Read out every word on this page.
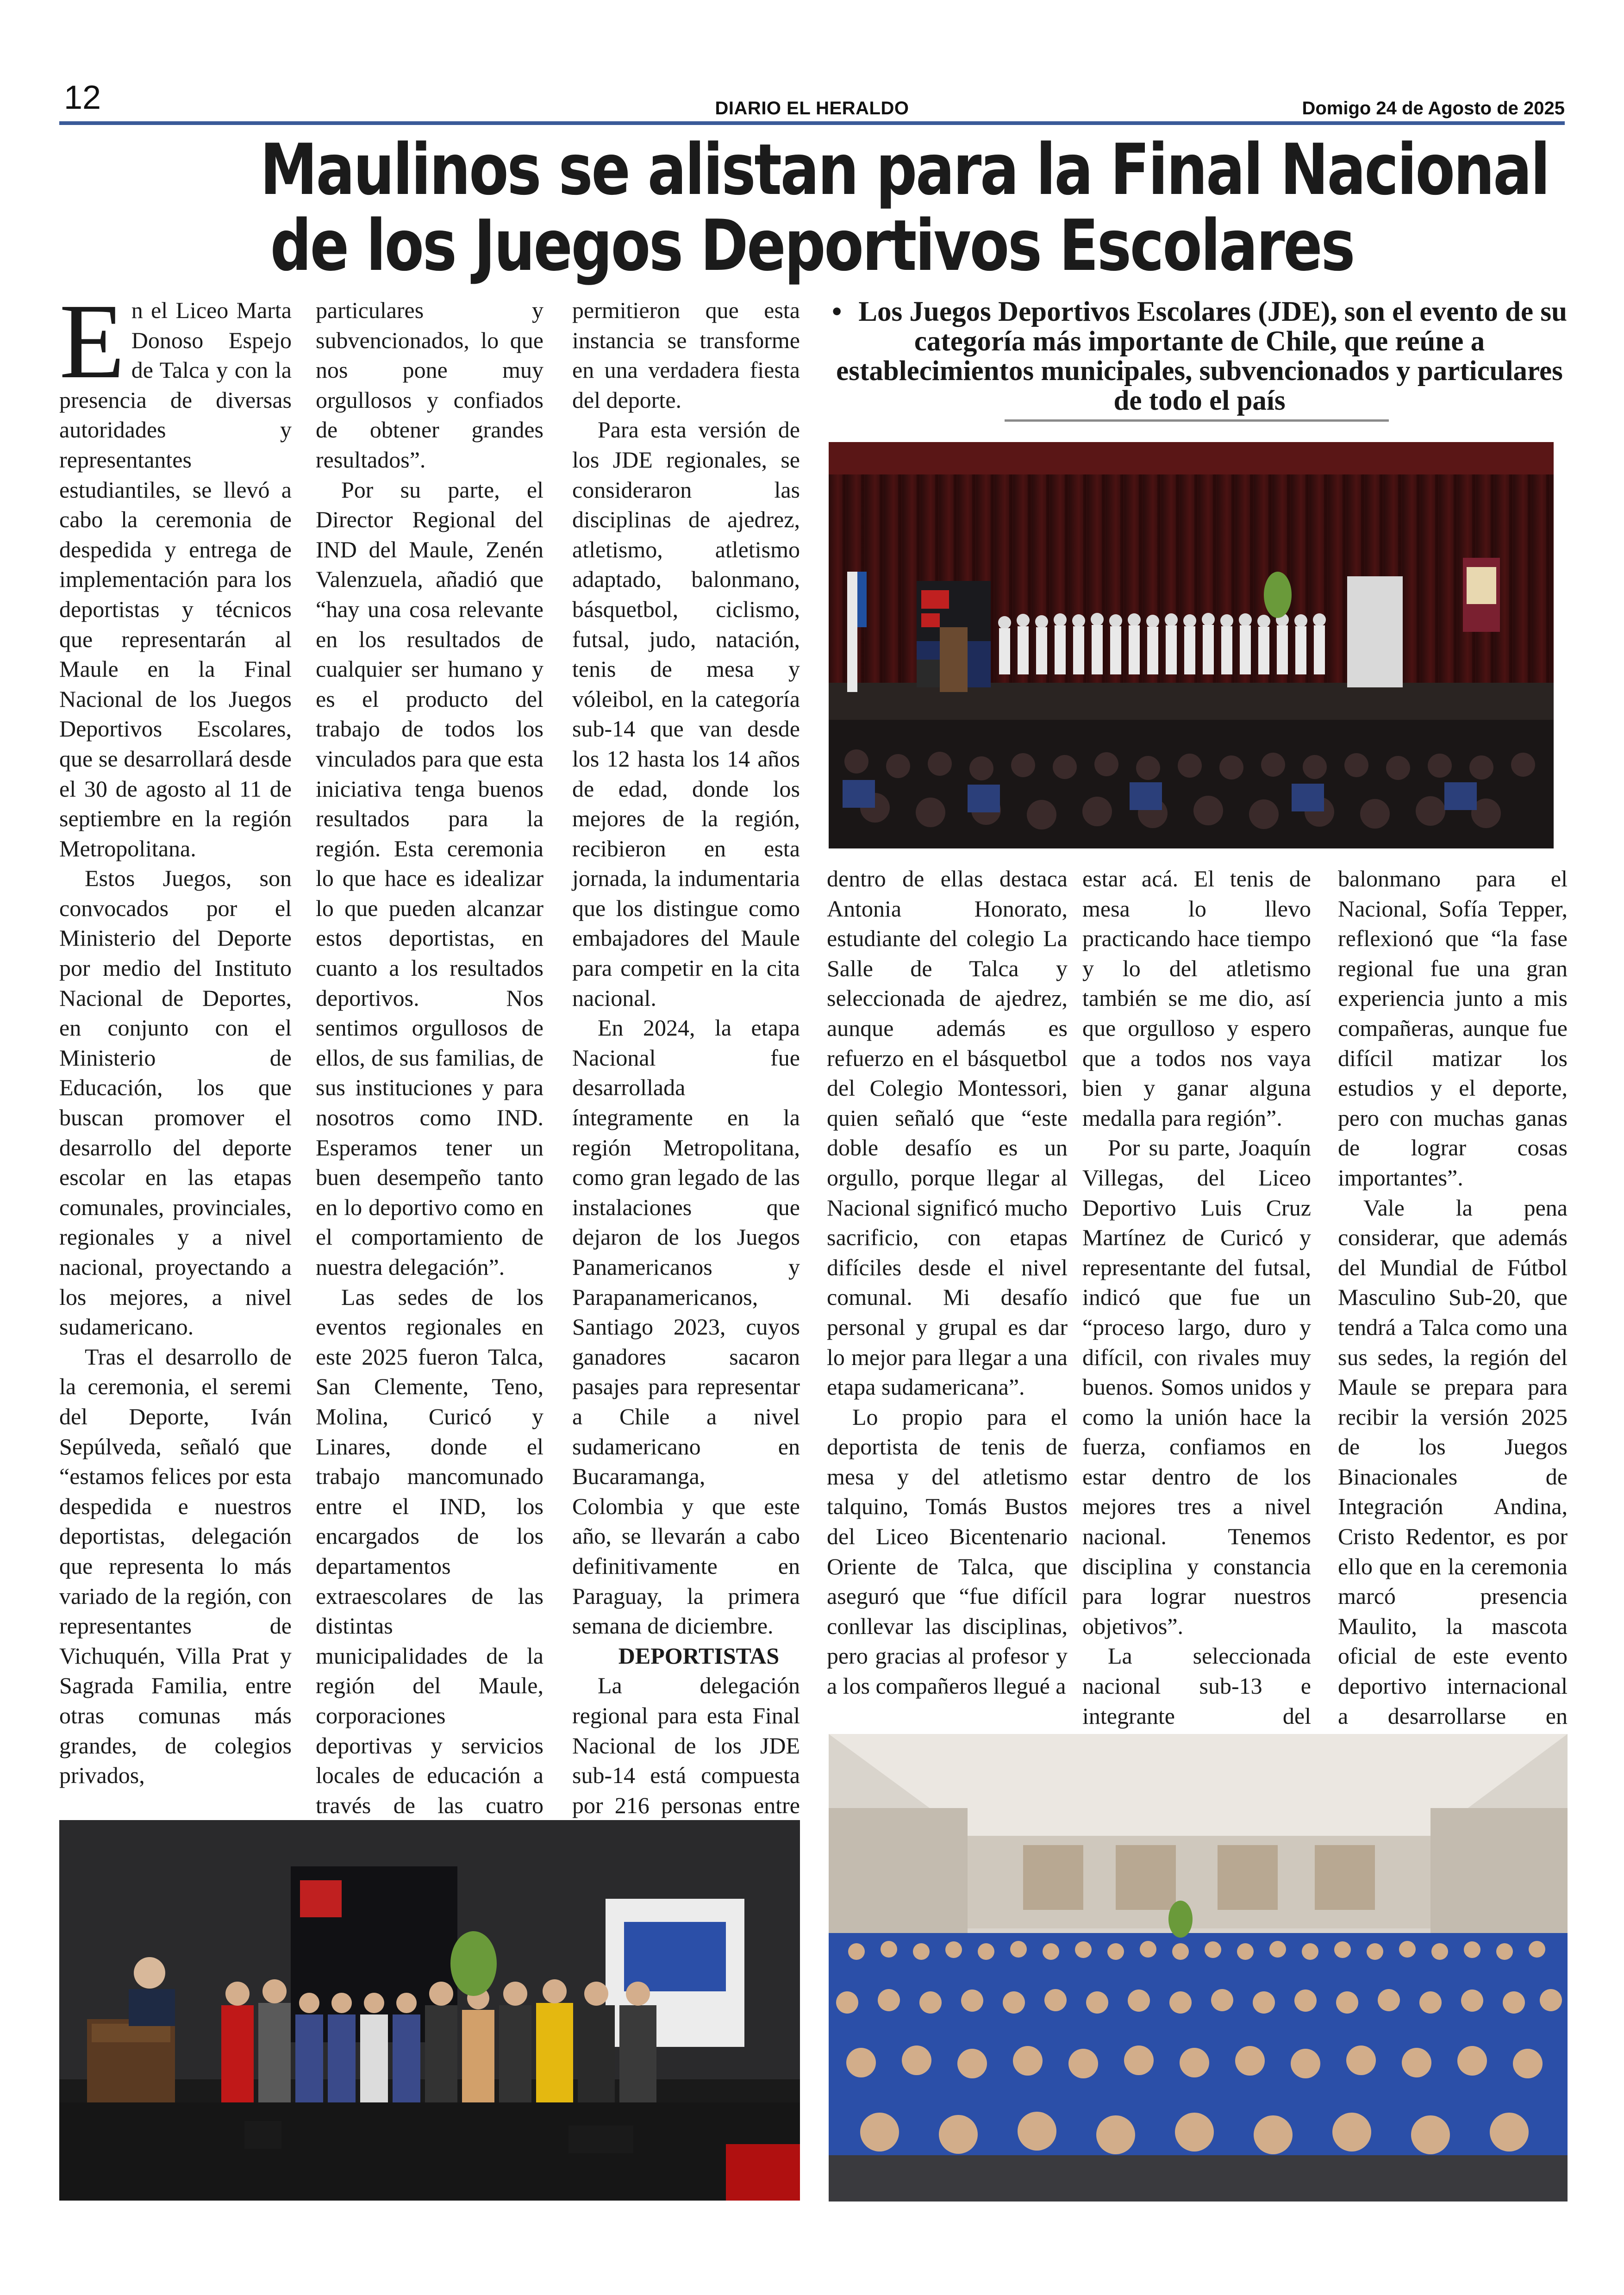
12	DIARIO EL HERALDO	Domigo 24 de Agosto de 2025
Maulinos se alistan para la Final Nacional
de los Juegos Deportivos Escolares

E n el Liceo Marta Donoso Espejo de Talca y con la presencia de diversas autoridades y representantes estudiantiles, se llevó a cabo la ceremonia de despedida y entrega de implementación para los deportistas y técnicos que representarán al Maule en la Final Nacional de los Juegos Deportivos Escolares, que se desarrollará desde el 30 de agosto al 11 de septiembre en la región Metropolitana.

Estos Juegos, son convocados por el Ministerio del Deporte por medio del Instituto Nacional de Deportes, en conjunto con el Ministerio de Educación, los que buscan promover el desarrollo del deporte escolar en las etapas comunales, provinciales, regionales y a nivel nacional, proyectando a los mejores, a nivel sudamericano.

Tras el desarrollo de la ceremonia, el seremi del Deporte, Iván Sepúlveda, señaló que “estamos felices por esta despedida e nuestros deportistas, delegación que representa lo más variado de la región, con representantes de Vichuquén, Villa Prat y Sagrada Familia, entre otras comunas más grandes, de colegios privados,

particulares y subvencionados, lo que nos pone muy orgullosos y confiados de obtener grandes resultados”.

Por su parte, el Director Regional del IND del Maule, Zenén Valenzuela, añadió que “hay una cosa relevante en los resultados de cualquier ser humano y es el producto del trabajo de todos los vinculados para que esta iniciativa tenga buenos resultados para la región. Esta ceremonia lo que hace es idealizar lo que pueden alcanzar estos deportistas, en cuanto a los resultados deportivos. Nos sentimos orgullosos de ellos, de sus familias, de sus instituciones y para nosotros como IND. Esperamos tener un buen desempeño tanto en lo deportivo como en el comportamiento de nuestra delegación”.

Las sedes de los eventos regionales en este 2025 fueron Talca, San Clemente, Teno, Molina, Curicó y Linares, donde el trabajo mancomunado entre el IND, los encargados de los departamentos extraescolares de las distintas municipalidades de la región del Maule, corporaciones deportivas y servicios locales de educación a través de las cuatro

permitieron que esta instancia se transforme en una verdadera fiesta del deporte.

Para esta versión de los JDE regionales, se consideraron las disciplinas de ajedrez, atletismo, atletismo adaptado, balonmano, básquetbol, ciclismo, futsal, judo, natación, tenis de mesa y vóleibol, en la categoría sub-14 que van desde los 12 hasta los 14 años de edad, donde los mejores de la región, recibieron en esta jornada, la indumentaria que los distingue como embajadores del Maule para competir en la cita nacional.

En 2024, la etapa Nacional fue desarrollada íntegramente en la región Metropolitana, como gran legado de las instalaciones que dejaron de los Juegos Panamericanos y Parapanamericanos, Santiago 2023, cuyos ganadores sacaron pasajes para representar a Chile a nivel sudamericano en Bucaramanga, Colombia y que este año, se llevarán a cabo definitivamente en Paraguay, la primera semana de diciembre.

DEPORTISTAS

La delegación regional para esta Final Nacional de los JDE sub-14 está compuesta por 216 personas entre

• Los Juegos Deportivos Escolares (JDE), son el evento de su categoría más importante de Chile, que reúne a establecimientos municipales, subvencionados y particulares de todo el país

dentro de ellas destaca Antonia Honorato, estudiante del colegio La Salle de Talca y seleccionada de ajedrez, aunque además es refuerzo en el básquetbol del Colegio Montessori, quien señaló que “este doble desafío es un orgullo, porque llegar al Nacional significó mucho sacrificio, con etapas difíciles desde el nivel comunal. Mi desafío personal y grupal es dar lo mejor para llegar a una etapa sudamericana”.

Lo propio para el deportista de tenis de mesa y del atletismo talquino, Tomás Bustos del Liceo Bicentenario Oriente de Talca, que aseguró que “fue difícil conllevar las disciplinas, pero gracias al profesor y a los compañeros llegué a

estar acá. El tenis de mesa lo llevo practicando hace tiempo y lo del atletismo también se me dio, así que orgulloso y espero que a todos nos vaya bien y ganar alguna medalla para región”.

Por su parte, Joaquín Villegas, del Liceo Deportivo Luis Cruz Martínez de Curicó y representante del futsal, indicó que fue un “proceso largo, duro y difícil, con rivales muy buenos. Somos unidos y como la unión hace la fuerza, confiamos en estar dentro de los mejores tres a nivel nacional. Tenemos disciplina y constancia para lograr nuestros objetivos”.

La seleccionada nacional sub-13 e integrante del

balonmano para el Nacional, Sofía Tepper, reflexionó que “la fase regional fue una gran experiencia junto a mis compañeras, aunque fue difícil matizar los estudios y el deporte, pero con muchas ganas de lograr cosas importantes”.

Vale la pena considerar, que además del Mundial de Fútbol Masculino Sub-20, que tendrá a Talca como una sus sedes, la región del Maule se prepara para recibir la versión 2025 de los Juegos Binacionales de Integración Andina, Cristo Redentor, es por ello que en la ceremonia marcó presencia Maulito, la mascota oficial de este evento deportivo internacional a desarrollarse en
